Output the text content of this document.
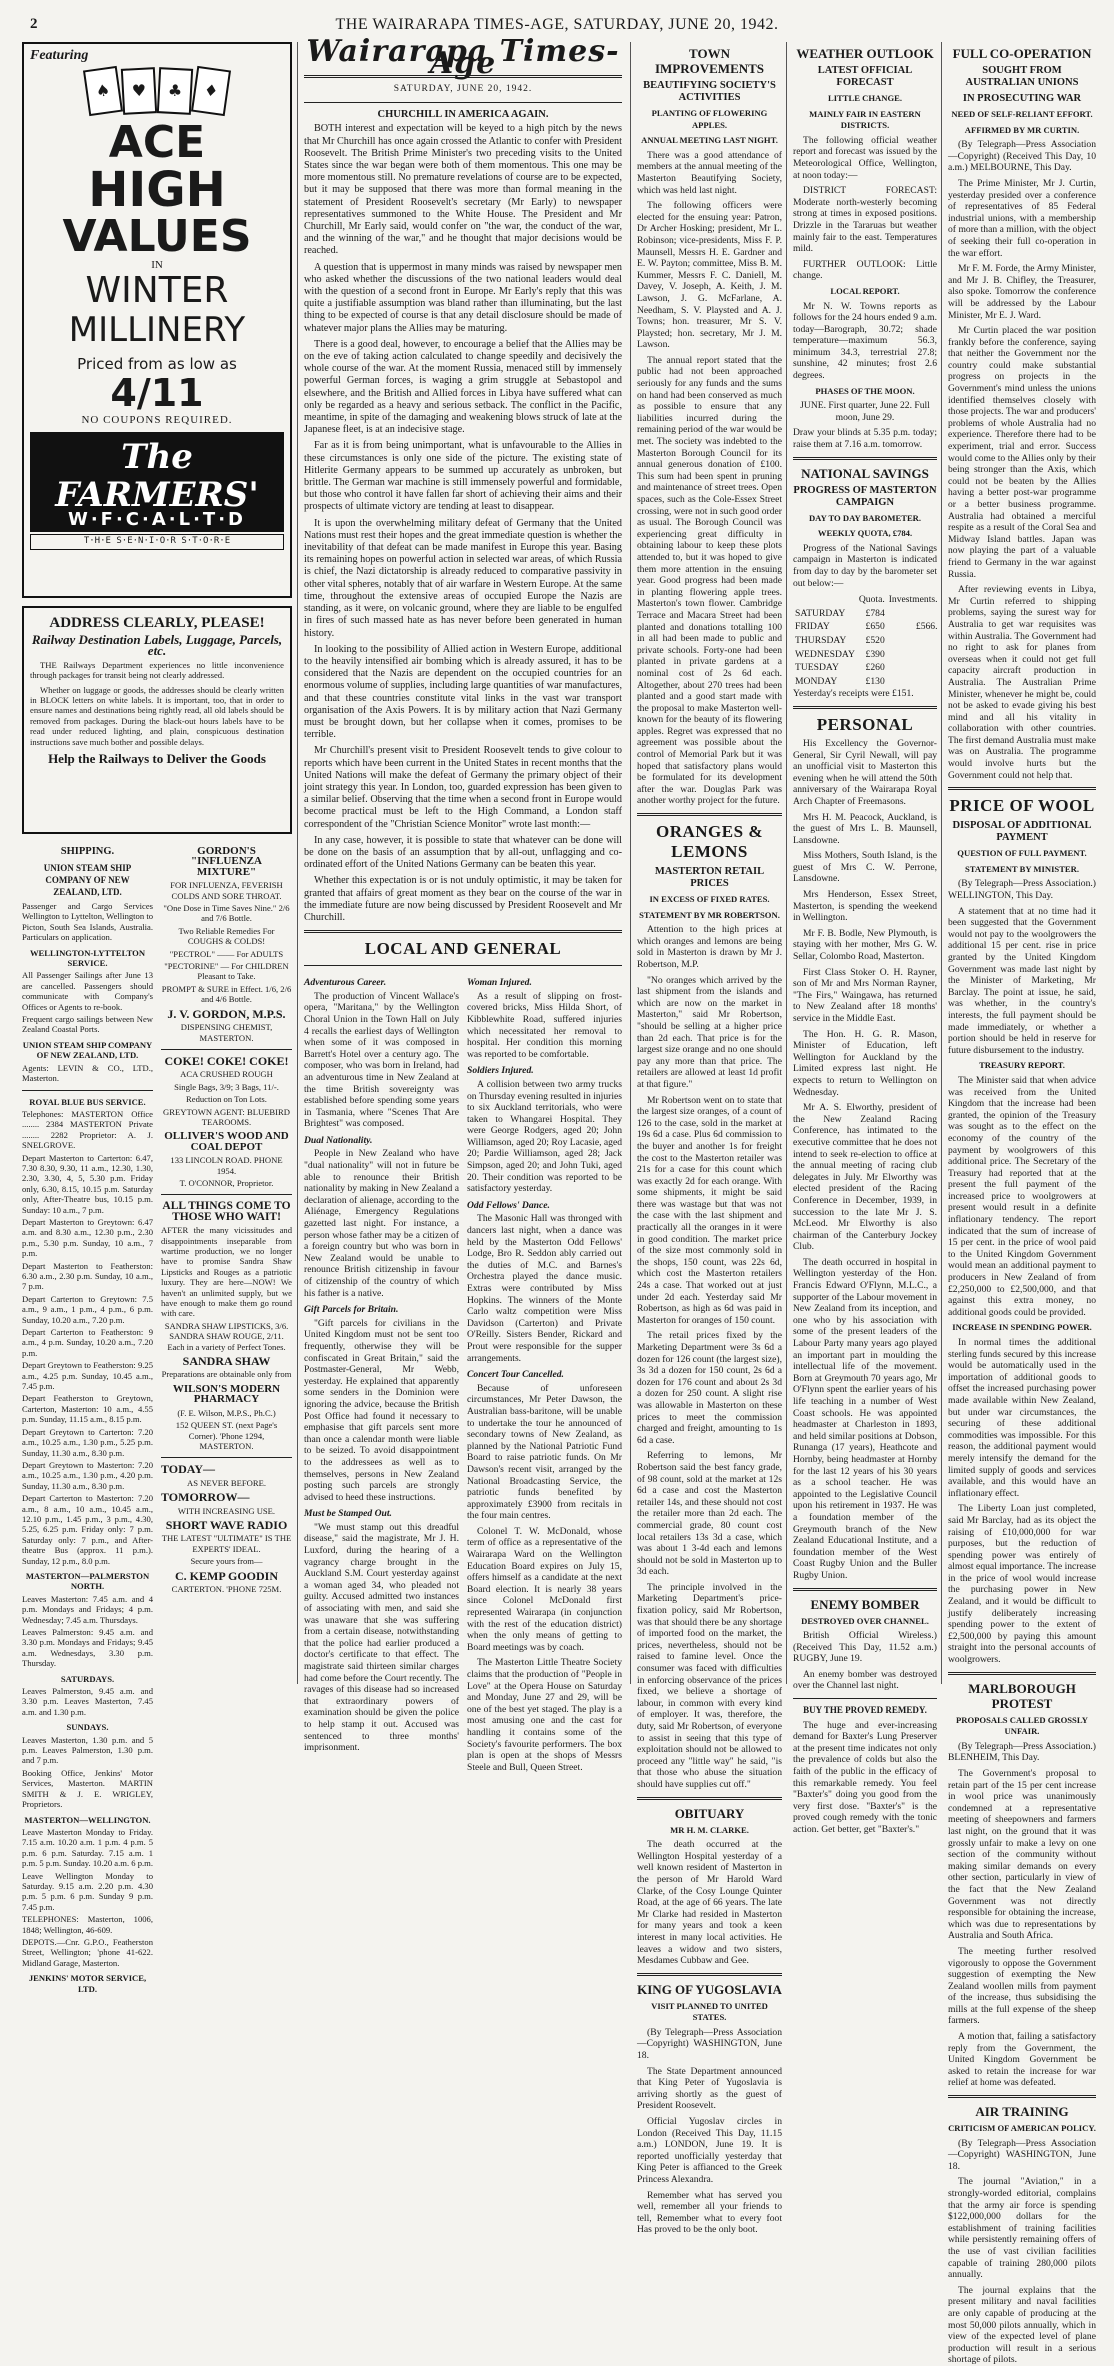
2	THE WAIRARAPA TIMES-AGE, SATURDAY, JUNE 20, 1942.
Featuring
♠	♥	♣	♦
ACE
HIGH
VALUES
IN
WINTER
MILLINERY
Priced from as low as
4/11
NO COUPONS REQUIRED.
The FARMERS'
W·F·C·A·L·T·D
T·H·E S·E·N·I·O·R S·T·O·R·E
ADDRESS CLEARLY, PLEASE!
Railway Destination Labels, Luggage, Parcels, etc.

THE Railways Department experiences no little inconvenience through packages for transit being not clearly addressed.

Whether on luggage or goods, the addresses should be clearly written in BLOCK letters on white labels. It is important, too, that in order to ensure names and destinations being rightly read, all old labels should be removed from packages. During the black-out hours labels have to be read under reduced lighting, and plain, conspicuous destination instructions save much bother and possible delays.

Help the Railways to Deliver the Goods
SHIPPING.
UNION STEAM SHIP COMPANY OF NEW ZEALAND, LTD.

Passenger and Cargo Services Wellington to Lyttelton, Wellington to Picton, South Sea Islands, Australia. Particulars on application.

WELLINGTON-LYTTELTON SERVICE.

All Passenger Sailings after June 13 are cancelled. Passengers should communicate with Company's Offices or Agents to re-book.

Frequent cargo sailings between New Zealand Coastal Ports.

UNION STEAM SHIP COMPANY OF NEW ZEALAND, LTD.

Agents: LEVIN & CO., LTD., Masterton.

ROYAL BLUE BUS SERVICE.

Telephones: MASTERTON Office ........ 2384 MASTERTON Private ........ 2282 Proprietor: A. J. SNELGROVE.

Depart Masterton to Carterton: 6.47, 7.30 8.30, 9.30, 11 a.m., 12.30, 1.30, 2.30, 3.30, 4, 5, 5.30 p.m. Friday only, 6.30, 8.15, 10.15 p.m. Saturday only, After-Theatre bus, 10.15 p.m. Sunday: 10 a.m., 7 p.m.

Depart Masterton to Greytown: 6.47 a.m. and 8.30 a.m., 12.30 p.m., 2.30 p.m., 5.30 p.m. Sunday, 10 a.m., 7 p.m.

Depart Masterton to Featherston: 6.30 a.m., 2.30 p.m. Sunday, 10 a.m., 7 p.m.

Depart Carterton to Greytown: 7.5 a.m., 9 a.m., 1 p.m., 4 p.m., 6 p.m. Sunday, 10.20 a.m., 7.20 p.m.

Depart Carterton to Featherston: 9 a.m., 4 p.m. Sunday, 10.20 a.m., 7.20 p.m.

Depart Greytown to Featherston: 9.25 a.m., 4.25 p.m. Sunday, 10.45 a.m., 7.45 p.m.

Depart Featherston to Greytown, Carterton, Masterton: 10 a.m., 4.55 p.m. Sunday, 11.15 a.m., 8.15 p.m.

Depart Greytown to Carterton: 7.20 a.m., 10.25 a.m., 1.30 p.m., 5.25 p.m. Sunday, 11.30 a.m., 8.30 p.m.

Depart Greytown to Masterton: 7.20 a.m., 10.25 a.m., 1.30 p.m., 4.20 p.m. Sunday, 11.30 a.m., 8.30 p.m.

Depart Carterton to Masterton: 7.20 a.m., 8 a.m., 10 a.m., 10.45 a.m., 12.10 p.m., 1.45 p.m., 3 p.m., 4.30, 5.25, 6.25 p.m. Friday only: 7 p.m. Saturday only: 7 p.m., and After-theatre Bus (approx. 11 p.m.). Sunday, 12 p.m., 8.0 p.m.

MASTERTON—PALMERSTON NORTH.

Leaves Masterton: 7.45 a.m. and 4 p.m. Mondays and Fridays; 4 p.m. Wednesday; 7.45 a.m. Thursdays.

Leaves Palmerston: 9.45 a.m. and 3.30 p.m. Mondays and Fridays; 9.45 a.m. Wednesdays, 3.30 p.m. Thursday.

SATURDAYS.

Leaves Palmerston, 9.45 a.m. and 3.30 p.m. Leaves Masterton, 7.45 a.m. and 1.30 p.m.

SUNDAYS.

Leaves Masterton, 1.30 p.m. and 5 p.m. Leaves Palmerston, 1.30 p.m. and 7 p.m.

Booking Office, Jenkins' Motor Services, Masterton. MARTIN SMITH & J. E. WRIGLEY, Proprietors.

MASTERTON—WELLINGTON.

Leave Masterton Monday to Friday. 7.15 a.m. 10.20 a.m. 1 p.m. 4 p.m. 5 p.m. 6 p.m. Saturday. 7.15 a.m. 1 p.m. 5 p.m. Sunday. 10.20 a.m. 6 p.m.

Leave Wellington Monday to Saturday. 9.15 a.m. 2.20 p.m. 4.30 p.m. 5 p.m. 6 p.m. Sunday 9 p.m. 7.45 p.m.

TELEPHONES: Masterton, 1006, 1848; Wellington, 46-609.

DEPOTS.—Cnr. G.P.O., Featherston Street, Wellington; 'phone 41-622. Midland Garage, Masterton.

JENKINS' MOTOR SERVICE, LTD.
GORDON'S "INFLUENZA MIXTURE"

FOR INFLUENZA, FEVERISH COLDS AND SORE THROAT.

"One Dose in Time Saves Nine." 2/6 and 7/6 Bottle.

Two Reliable Remedies For COUGHS & COLDS!

"PECTROL" —— For ADULTS

"PECTORINE" — For CHILDREN Pleasant to Take.

PROMPT & SURE in Effect. 1/6, 2/6 and 4/6 Bottle.

J. V. GORDON, M.P.S.

DISPENSING CHEMIST, MASTERTON.

COKE! COKE! COKE!

ACA CRUSHED ROUGH

Single Bags, 3/9; 3 Bags, 11/-.

Reduction on Ton Lots.

GREYTOWN AGENT: BLUEBIRD TEAROOMS.

OLLIVER'S WOOD AND COAL DEPOT

133 LINCOLN ROAD. PHONE 1954.

T. O'CONNOR, Proprietor.

ALL THINGS COME TO THOSE WHO WAIT!

AFTER the many vicissitudes and disappointments inseparable from wartime production, we no longer have to promise Sandra Shaw Lipsticks and Rouges as a patriotic luxury. They are here—NOW! We haven't an unlimited supply, but we have enough to make them go round with care.

SANDRA SHAW LIPSTICKS, 3/6. SANDRA SHAW ROUGE, 2/11. Each in a variety of Perfect Tones.

SANDRA SHAW

Preparations are obtainable only from

WILSON'S MODERN PHARMACY

(F. E. Wilson, M.P.S., Ph.C.)

152 QUEEN ST. (next Page's Corner). 'Phone 1294, MASTERTON.

TODAY—

AS NEVER BEFORE.

TOMORROW—

WITH INCREASING USE.

SHORT WAVE RADIO

THE LATEST "ULTIMATE" IS THE EXPERTS' IDEAL.

Secure yours from—

C. KEMP GOODIN

CARTERTON. 'PHONE 725M.

Wairarapa Times-Age
SATURDAY, JUNE 20, 1942.
CHURCHILL IN AMERICA AGAIN.

BOTH interest and expectation will be keyed to a high pitch by the news that Mr Churchill has once again crossed the Atlantic to confer with President Roosevelt. The British Prime Minister's two preceding visits to the United States since the war began were both of them momentous. This one may be more momentous still. No premature revelations of course are to be expected, but it may be supposed that there was more than formal meaning in the statement of President Roosevelt's secretary (Mr Early) to newspaper representatives summoned to the White House. The President and Mr Churchill, Mr Early said, would confer on "the war, the conduct of the war, and the winning of the war," and he thought that major decisions would be reached.

A question that is uppermost in many minds was raised by newspaper men who asked whether the discussions of the two national leaders would deal with the question of a second front in Europe. Mr Early's reply that this was quite a justifiable assumption was bland rather than illuminating, but the last thing to be expected of course is that any detail disclosure should be made of whatever major plans the Allies may be maturing.

There is a good deal, however, to encourage a belief that the Allies may be on the eve of taking action calculated to change speedily and decisively the whole course of the war. At the moment Russia, menaced still by immensely powerful German forces, is waging a grim struggle at Sebastopol and elsewhere, and the British and Allied forces in Libya have suffered what can only be regarded as a heavy and serious setback. The conflict in the Pacific, meantime, in spite of the damaging and weakening blows struck of late at the Japanese fleet, is at an indecisive stage.

Far as it is from being unimportant, what is unfavourable to the Allies in these circumstances is only one side of the picture. The existing state of Hitlerite Germany appears to be summed up accurately as unbroken, but brittle. The German war machine is still immensely powerful and formidable, but those who control it have fallen far short of achieving their aims and their prospects of ultimate victory are tending at least to disappear.

It is upon the overwhelming military defeat of Germany that the United Nations must rest their hopes and the great immediate question is whether the inevitability of that defeat can be made manifest in Europe this year. Basing its remaining hopes on powerful action in selected war areas, of which Russia is chief, the Nazi dictatorship is already reduced to comparative passivity in other vital spheres, notably that of air warfare in Western Europe. At the same time, throughout the extensive areas of occupied Europe the Nazis are standing, as it were, on volcanic ground, where they are liable to be engulfed in fires of such massed hate as has never before been generated in human history.

In looking to the possibility of Allied action in Western Europe, additional to the heavily intensified air bombing which is already assured, it has to be considered that the Nazis are dependent on the occupied countries for an enormous volume of supplies, including large quantities of war manufactures, and that these countries constitute vital links in the vast war transport organisation of the Axis Powers. It is by military action that Nazi Germany must be brought down, but her collapse when it comes, promises to be terrible.

Mr Churchill's present visit to President Roosevelt tends to give colour to reports which have been current in the United States in recent months that the United Nations will make the defeat of Germany the primary object of their joint strategy this year. In London, too, guarded expression has been given to a similar belief. Observing that the time when a second front in Europe would become practical must be left to the High Command, a London staff correspondent of the "Christian Science Monitor" wrote last month:—

In any case, however, it is possible to state that whatever can be done will be done on the basis of an assumption that by all-out, unflagging and co-ordinated effort of the United Nations Germany can be beaten this year.

Whether this expectation is or is not unduly optimistic, it may be taken for granted that affairs of great moment as they bear on the course of the war in the immediate future are now being discussed by President Roosevelt and Mr Churchill.

LOCAL AND GENERAL
Adventurous Career.

The production of Vincent Wallace's opera, "Maritana," by the Wellington Choral Union in the Town Hall on July 4 recalls the earliest days of Wellington when some of it was composed in Barrett's Hotel over a century ago. The composer, who was born in Ireland, had an adventurous time in New Zealand at the time British sovereignty was established before spending some years in Tasmania, where "Scenes That Are Brightest" was composed.

Dual Nationality.

People in New Zealand who have "dual nationality" will not in future be able to renounce their British nationality by making in New Zealand a declaration of alienage, according to the Aliénage, Emergency Regulations gazetted last night. For instance, a person whose father may be a citizen of a foreign country but who was born in New Zealand would be unable to renounce British citizenship in favour of citizenship of the country of which his father is a native.

Gift Parcels for Britain.

"Gift parcels for civilians in the United Kingdom must not be sent too frequently, otherwise they will be confiscated in Great Britain," said the Postmaster-General, Mr Webb, yesterday. He explained that apparently some senders in the Dominion were ignoring the advice, because the British Post Office had found it necessary to emphasise that gift parcels sent more than once a calendar month were liable to be seized. To avoid disappointment to the addressees as well as to themselves, persons in New Zealand posting such parcels are strongly advised to heed these instructions.

Must be Stamped Out.

"We must stamp out this dreadful disease," said the magistrate, Mr J. H. Luxford, during the hearing of a vagrancy charge brought in the Auckland S.M. Court yesterday against a woman aged 34, who pleaded not guilty. Accused admitted two instances of associating with men, and said she was unaware that she was suffering from a certain disease, notwithstanding that the police had earlier produced a doctor's certificate to that effect. The magistrate said thirteen similar charges had come before the Court recently. The ravages of this disease had so increased that extraordinary powers of examination should be given the police to help stamp it out. Accused was sentenced to three months' imprisonment.

Woman Injured.

As a result of slipping on frost-covered bricks, Miss Hilda Short, of Kibblewhite Road, suffered injuries which necessitated her removal to hospital. Her condition this morning was reported to be comfortable.

Soldiers Injured.

A collision between two army trucks on Thursday evening resulted in injuries to six Auckland territorials, who were taken to Whangarei Hospital. They were George Rodgers, aged 20; John Williamson, aged 20; Roy Lacasie, aged 20; Pardie Williamson, aged 28; Jack Simpson, aged 20; and John Tuki, aged 20. Their condition was reported to be satisfactory yesterday.

Odd Fellows' Dance.

The Masonic Hall was thronged with dancers last night, when a dance was held by the Masterton Odd Fellows' Lodge, Bro R. Seddon ably carried out the duties of M.C. and Barnes's Orchestra played the dance music. Extras were contributed by Miss Hopkins. The winners of the Monte Carlo waltz competition were Miss Davidson (Carterton) and Private O'Reilly. Sisters Bender, Rickard and Prout were responsible for the supper arrangements.

Concert Tour Cancelled.

Because of unforeseen circumstances, Mr Peter Dawson, the Australian bass-baritone, will be unable to undertake the tour he announced of secondary towns of New Zealand, as planned by the National Patriotic Fund Board to raise patriotic funds. On Mr Dawson's recent visit, arranged by the National Broadcasting Service, the patriotic funds benefited by approximately £3900 from recitals in the four main centres.

Colonel T. W. McDonald, whose term of office as a representative of the Wairarapa Ward on the Wellington Education Board expires on July 15, offers himself as a candidate at the next Board election. It is nearly 38 years since Colonel McDonald first represented Wairarapa (in conjunction with the rest of the education district) when the only means of getting to Board meetings was by coach.

The Masterton Little Theatre Society claims that the production of "People in Love" at the Opera House on Saturday and Monday, June 27 and 29, will be one of the best yet staged. The play is a most amusing one and the cast for handling it contains some of the Society's favourite performers. The box plan is open at the shops of Messrs Steele and Bull, Queen Street.

TOWN IMPROVEMENTS
BEAUTIFYING SOCIETY'S ACTIVITIES
PLANTING OF FLOWERING APPLES.
ANNUAL MEETING LAST NIGHT.

There was a good attendance of members at the annual meeting of the Masterton Beautifying Society, which was held last night.

The following officers were elected for the ensuing year: Patron, Dr Archer Hosking; president, Mr L. Robinson; vice-presidents, Miss F. P. Maunsell, Messrs H. E. Gardner and E. W. Payton; committee, Miss B. M. Kummer, Messrs F. C. Daniell, M. Davey, V. Joseph, A. Keith, J. M. Lawson, J. G. McFarlane, A. Needham, S. V. Playsted and A. J. Towns; hon. treasurer, Mr S. V. Playsted; hon. secretary, Mr J. M. Lawson.

The annual report stated that the public had not been approached seriously for any funds and the sums on hand had been conserved as much as possible to ensure that any liabilities incurred during the remaining period of the war would be met. The society was indebted to the Masterton Borough Council for its annual generous donation of £100. This sum had been spent in pruning and maintenance of street trees. Open spaces, such as the Cole-Essex Street crossing, were not in such good order as usual. The Borough Council was experiencing great difficulty in obtaining labour to keep these plots attended to, but it was hoped to give them more attention in the ensuing year. Good progress had been made in planting flowering apple trees. Masterton's town flower. Cambridge Terrace and Macara Street had been planted and donations totalling 100 in all had been made to public and private schools. Forty-one had been planted in private gardens at a nominal cost of 2s 6d each. Altogether, about 270 trees had been planted and a good start made with the proposal to make Masterton well-known for the beauty of its flowering apples. Regret was expressed that no agreement was possible about the control of Memorial Park but it was hoped that satisfactory plans would be formulated for its development after the war. Douglas Park was another worthy project for the future.

ORANGES & LEMONS
MASTERTON RETAIL PRICES
IN EXCESS OF FIXED RATES.
STATEMENT BY MR ROBERTSON.

Attention to the high prices at which oranges and lemons are being sold in Masterton is drawn by Mr J. Robertson, M.P.

"No oranges which arrived by the last shipment from the islands and which are now on the market in Masterton," said Mr Robertson, "should be selling at a higher price than 2d each. That price is for the largest size orange and no one should pay any more than that price. The retailers are allowed at least 1d profit at that figure."

Mr Robertson went on to state that the largest size oranges, of a count of 126 to the case, sold in the market at 19s 6d a case. Plus 6d commission to the buyer and another 1s for freight the cost to the Masterton retailer was 21s for a case for this count which was exactly 2d for each orange. With some shipments, it might be said there was wastage but that was not the case with the last shipment and practically all the oranges in it were in good condition. The market price of the size most commonly sold in the shops, 150 count, was 22s 6d, which cost the Masterton retailers 24s a case. That worked out at just under 2d each. Yesterday said Mr Robertson, as high as 6d was paid in Masterton for oranges of 150 count.

The retail prices fixed by the Marketing Department were 3s 6d a dozen for 126 count (the largest size), 3s 3d a dozen for 150 count, 2s 6d a dozen for 176 count and about 2s 3d a dozen for 250 count. A slight rise was allowable in Masterton on these prices to meet the commission charged and freight, amounting to 1s 6d a case.

Referring to lemons, Mr Robertson said the best fancy grade, of 98 count, sold at the market at 12s 6d a case and cost the Masterton retailer 14s, and these should not cost the retailer more than 2d each. The commercial grade, 80 count cost local retailers 13s 3d a case, which was about 1 3-4d each and lemons should not be sold in Masterton up to 3d each.

The principle involved in the Marketing Department's price-fixation policy, said Mr Robertson, was that should there be any shortage of imported food on the market, the prices, nevertheless, should not be raised to famine level. Once the consumer was faced with difficulties in enforcing observance of the prices fixed, we believe a shortage of labour, in common with every kind of employer. It was, therefore, the duty, said Mr Robertson, of everyone to assist in seeing that this type of exploitation should not be allowed to proceed any "little way" he said, "is that those who abuse the situation should have supplies cut off."

OBITUARY
MR H. M. CLARKE.

The death occurred at the Wellington Hospital yesterday of a well known resident of Masterton in the person of Mr Harold Ward Clarke, of the Cosy Lounge Quinter Road, at the age of 66 years. The late Mr Clarke had resided in Masterton for many years and took a keen interest in many local activities. He leaves a widow and two sisters, Mesdames Cubbaw and Gee.

KING OF YUGOSLAVIA
VISIT PLANNED TO UNITED STATES.

(By Telegraph—Press Association—Copyright) WASHINGTON, June 18.

The State Department announced that King Peter of Yugoslavia is arriving shortly as the guest of President Roosevelt.

Official Yugoslav circles in London (Received This Day, 11.15 a.m.) LONDON, June 19. It is reported unofficially yesterday that King Peter is affianced to the Greek Princess Alexandra.

Remember what has served you well, remember all your friends to tell, Remember what to every foot Has proved to be the only boot.

WEATHER OUTLOOK
LATEST OFFICIAL FORECAST
LITTLE CHANGE.
MAINLY FAIR IN EASTERN DISTRICTS.

The following official weather report and forecast was issued by the Meteorological Office, Wellington, at noon today:—

DISTRICT FORECAST: Moderate north-westerly becoming strong at times in exposed positions. Drizzle in the Tararuas but weather mainly fair to the east. Temperatures mild.

FURTHER OUTLOOK: Little change.

LOCAL REPORT.

Mr N. W. Towns reports as follows for the 24 hours ended 9 a.m. today—Barograph, 30.72; shade temperature—maximum 56.3, minimum 34.3, terrestrial 27.8; sunshine, 42 minutes; frost 2.6 degrees.

PHASES OF THE MOON.

JUNE. First quarter, June 22. Full moon, June 29.

Draw your blinds at 5.35 p.m. today; raise them at 7.16 a.m. tomorrow.

NATIONAL SAVINGS
PROGRESS OF MASTERTON CAMPAIGN
DAY TO DAY BAROMETER.
WEEKLY QUOTA, £784.

Progress of the National Savings campaign in Masterton is indicated from day to day by the barometer set out below:—

	Quota.	Investments.
SATURDAY	£784	
FRIDAY	£650	£566.
THURSDAY	£520	
WEDNESDAY	£390	
TUESDAY	£260	
MONDAY	£130	

Yesterday's receipts were £151.

PERSONAL

His Excellency the Governor-General, Sir Cyril Newall, will pay an unofficial visit to Masterton this evening when he will attend the 50th anniversary of the Wairarapa Royal Arch Chapter of Freemasons.

Mrs H. M. Peacock, Auckland, is the guest of Mrs L. B. Maunsell, Lansdowne.

Miss Mothers, South Island, is the guest of Mrs C. W. Perrone, Lansdowne.

Mrs Henderson, Essex Street, Masterton, is spending the weekend in Wellington.

Mr F. B. Bodle, New Plymouth, is staying with her mother, Mrs G. W. Sellar, Colombo Road, Masterton.

First Class Stoker O. H. Rayner, son of Mr and Mrs Norman Rayner, "The Firs," Waingawa, has returned to New Zealand after 18 months' service in the Middle East.

The Hon. H. G. R. Mason, Minister of Education, left Wellington for Auckland by the Limited express last night. He expects to return to Wellington on Wednesday.

Mr A. S. Elworthy, president of the New Zealand Racing Conference, has intimated to the executive committee that he does not intend to seek re-election to office at the annual meeting of racing club delegates in July. Mr Elworthy was elected president of the Racing Conference in December, 1939, in succession to the late Mr J. S. McLeod. Mr Elworthy is also chairman of the Canterbury Jockey Club.

The death occurred in hospital in Wellington yesterday of the Hon. Francis Edward O'Flynn, M.L.C., a supporter of the Labour movement in New Zealand from its inception, and one who by his association with some of the present leaders of the Labour Party many years ago played an important part in moulding the intellectual life of the movement. Born at Greymouth 70 years ago, Mr O'Flynn spent the earlier years of his life teaching in a number of West Coast schools. He was appointed headmaster at Charleston in 1893, and held similar positions at Dobson, Runanga (17 years), Heathcote and Hornby, being headmaster at Hornby for the last 12 years of his 30 years as a school teacher. He was appointed to the Legislative Council upon his retirement in 1937. He was a foundation member of the Greymouth branch of the New Zealand Educational Institute, and a foundation member of the West Coast Rugby Union and the Buller Rugby Union.

ENEMY BOMBER
DESTROYED OVER CHANNEL.

British Official Wireless.) (Received This Day, 11.52 a.m.) RUGBY, June 19.

An enemy bomber was destroyed over the Channel last night.

BUY THE PROVED REMEDY.

The huge and ever-increasing demand for Baxter's Lung Preserver at the present time indicates not only the prevalence of colds but also the faith of the public in the efficacy of this remarkable remedy. You feel "Baxter's" doing you good from the very first dose. "Baxter's" is the proved cough remedy with the tonic action. Get better, get "Baxter's."

FULL CO-OPERATION
SOUGHT FROM AUSTRALIAN UNIONS
IN PROSECUTING WAR
NEED OF SELF-RELIANT EFFORT.
AFFIRMED BY MR CURTIN.

(By Telegraph—Press Association—Copyright) (Received This Day, 10 a.m.) MELBOURNE, This Day.

The Prime Minister, Mr J. Curtin, yesterday presided over a conference of representatives of 85 Federal industrial unions, with a membership of more than a million, with the object of seeking their full co-operation in the war effort.

Mr F. M. Forde, the Army Minister, and Mr J. B. Chifley, the Treasurer, also spoke. Tomorrow the conference will be addressed by the Labour Minister, Mr E. J. Ward.

Mr Curtin placed the war position frankly before the conference, saying that neither the Government nor the country could make substantial progress on projects in the Government's mind unless the unions identified themselves closely with those projects. The war and producers' problems of whole Australia had no experience. Therefore there had to be experiment, trial and error. Success would come to the Allies only by their being stronger than the Axis, which could not be beaten by the Allies having a better post-war programme or a better business programme. Australia had obtained a merciful respite as a result of the Coral Sea and Midway Island battles. Japan was now playing the part of a valuable friend to Germany in the war against Russia.

After reviewing events in Libya, Mr Curtin referred to shipping problems, saying the surest way for Australia to get war requisites was within Australia. The Government had no right to ask for planes from overseas when it could not get full capacity aircraft production in Australia. The Australian Prime Minister, whenever he might be, could not be asked to evade giving his best mind and all his vitality in collaboration with other countries. The first demand Australia must make was on Australia. The programme would involve hurts but the Government could not help that.

PRICE OF WOOL
DISPOSAL OF ADDITIONAL PAYMENT
QUESTION OF FULL PAYMENT.
STATEMENT BY MINISTER.

(By Telegraph—Press Association.) WELLINGTON, This Day.

A statement that at no time had it been suggested that the Government would not pay to the woolgrowers the additional 15 per cent. rise in price granted by the United Kingdom Government was made last night by the Minister of Marketing, Mr Barclay. The point at issue, he said, was whether, in the country's interests, the full payment should be made immediately, or whether a portion should be held in reserve for future disbursement to the industry.

TREASURY REPORT.

The Minister said that when advice was received from the United Kingdom that the increase had been granted, the opinion of the Treasury was sought as to the effect on the economy of the country of the payment by woolgrowers of this additional price. The Secretary of the Treasury had reported that at the present the full payment of the increased price to woolgrowers at present would result in a definite inflationary tendency. The report indicated that the sum of increase of 15 per cent. in the price of wool paid to the United Kingdom Government would mean an additional payment to producers in New Zealand of from £2,250,000 to £2,500,000, and that against this extra money, no additional goods could be provided.

INCREASE IN SPENDING POWER.

In normal times the additional sterling funds secured by this increase would be automatically used in the importation of additional goods to offset the increased purchasing power made available within New Zealand, but under war circumstances, the securing of these additional commodities was impossible. For this reason, the additional payment would merely intensify the demand for the limited supply of goods and services available, and this would have an inflationary effect.

The Liberty Loan just completed, said Mr Barclay, had as its object the raising of £10,000,000 for war purposes, but the reduction of spending power was entirely of almost equal importance. The increase in the price of wool would increase the purchasing power in New Zealand, and it would be difficult to justify deliberately increasing spending power to the extent of £2,500,000 by paying this amount straight into the personal accounts of woolgrowers.

MARLBOROUGH PROTEST
PROPOSALS CALLED GROSSLY UNFAIR.

(By Telegraph—Press Association.) BLENHEIM, This Day.

The Government's proposal to retain part of the 15 per cent increase in wool price was unanimously condemned at a representative meeting of sheepowners and farmers last night, on the ground that it was grossly unfair to make a levy on one section of the community without making similar demands on every other section, particularly in view of the fact that the New Zealand Government was not directly responsible for obtaining the increase, which was due to representations by Australia and South Africa.

The meeting further resolved vigorously to oppose the Government suggestion of exempting the New Zealand woollen mills from payment of the increase, thus subsidising the mills at the full expense of the sheep farmers.

A motion that, failing a satisfactory reply from the Government, the United Kingdom Government be asked to retain the increase for war relief at home was defeated.

AIR TRAINING
CRITICISM OF AMERICAN POLICY.

(By Telegraph—Press Association—Copyright) WASHINGTON, June 18.

The journal "Aviation," in a strongly-worded editorial, complains that the army air force is spending $122,000,000 dollars for the establishment of training facilities while persistently remaining offers of the use of vast civilian facilities capable of training 280,000 pilots annually.

The journal explains that the present military and naval facilities are only capable of producing at the most 50,000 pilots annually, which in view of the expected level of plane production will result in a serious shortage of pilots.
